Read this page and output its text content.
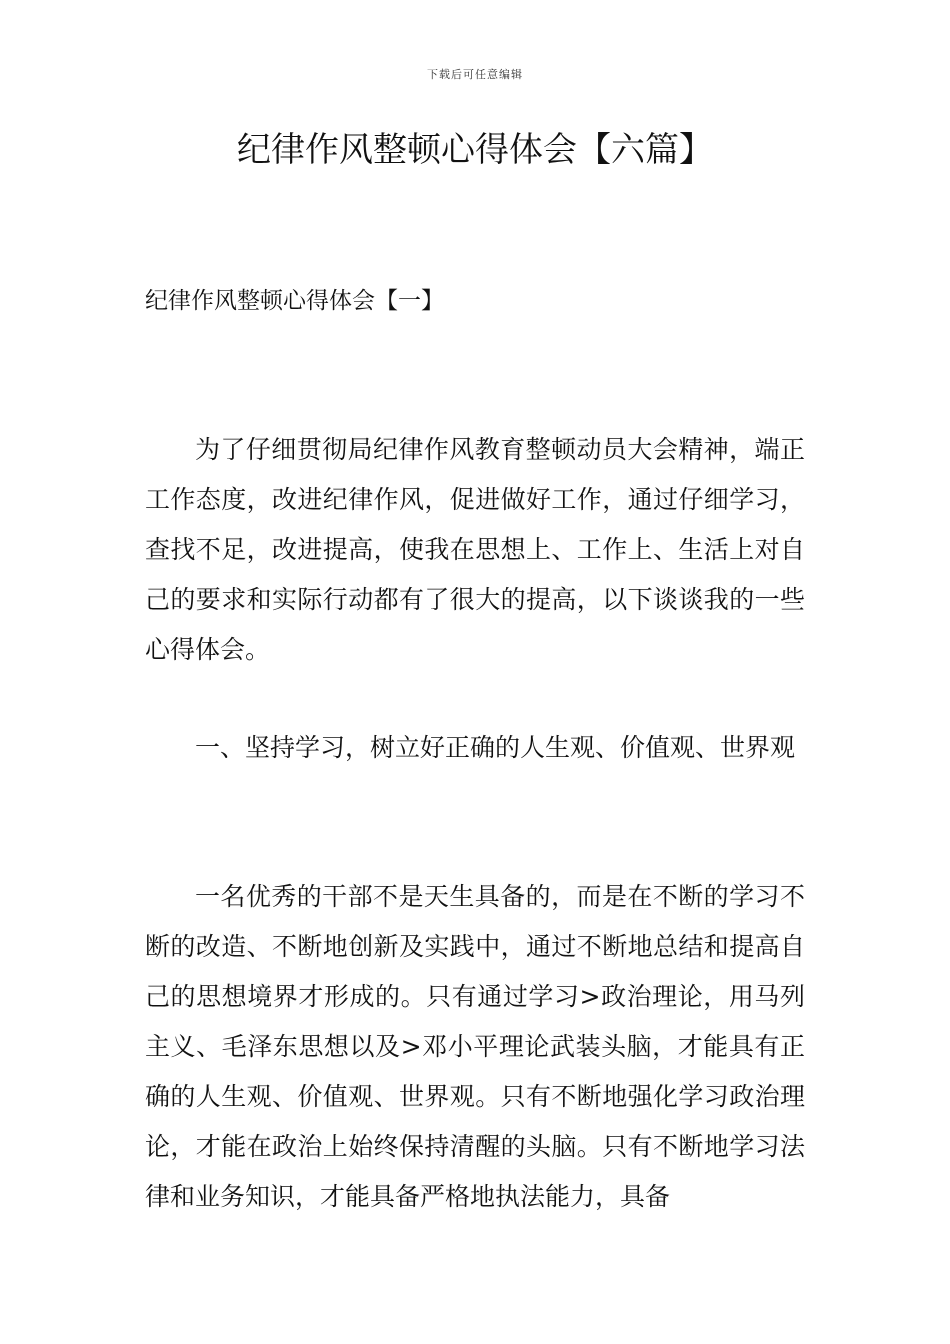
下载后可任意编辑
纪律作风整顿心得体会【六篇】
纪律作风整顿心得体会【一】

为了仔细贯彻局纪律作风教育整顿动员大会精神，端正工作态度，改进纪律作风，促进做好工作，通过仔细学习，查找不足，改进提高，使我在思想上、工作上、生活上对自己的要求和实际行动都有了很大的提高，以下谈谈我的一些心得体会。

一、坚持学习，树立好正确的人生观、价值观、世界观

一名优秀的干部不是天生具备的，而是在不断的学习不断的改造、不断地创新及实践中，通过不断地总结和提高自己的思想境界才形成的。只有通过学习>政治理论，用马列主义、毛泽东思想以及>邓小平理论武装头脑，才能具有正确的人生观、价值观、世界观。只有不断地强化学习政治理论，才能在政治上始终保持清醒的头脑。只有不断地学习法律和业务知识，才能具备严格地执法能力，具备
